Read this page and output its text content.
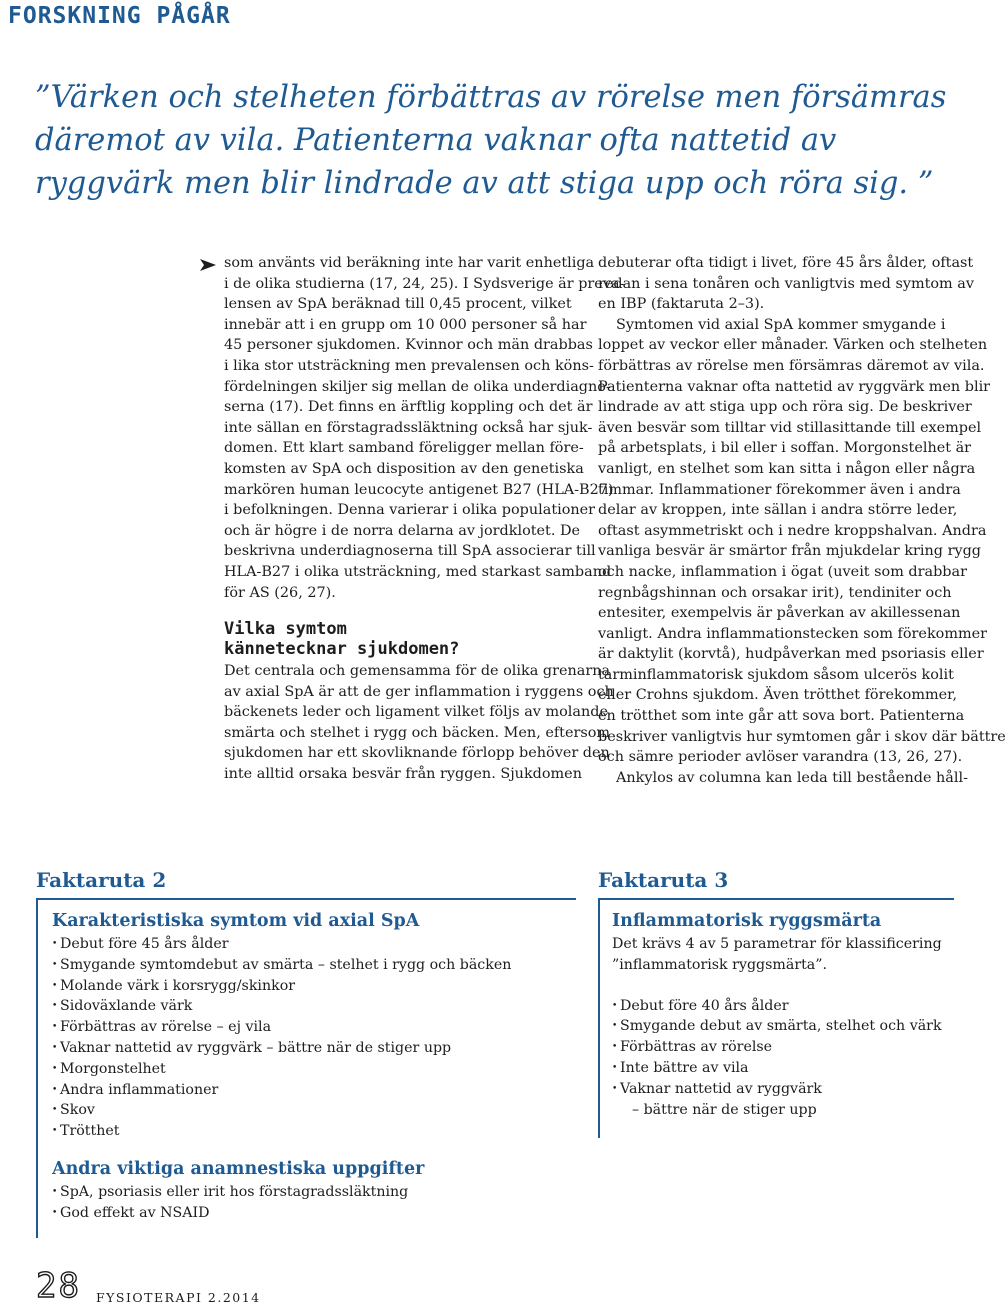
FORSKNING PÅGÅR
”Värken och stelheten förbättras av rörelse men försämras
däremot av vila. Patienterna vaknar ofta nattetid av
ryggvärk men blir lindrade av att stiga upp och röra sig. ”
som använts vid beräkning inte har varit enhetliga
i de olika studierna (17, 24, 25). I Sydsverige är preva-
lensen av SpA beräknad till 0,45 procent, vilket
innebär att i en grupp om 10 000 personer så har
45 personer sjukdomen. Kvinnor och män drabbas
i lika stor utsträckning men prevalensen och köns-
fördelningen skiljer sig mellan de olika underdiagno-
serna (17). Det finns en ärftlig koppling och det är
inte sällan en förstagradssläktning också har sjuk-
domen. Ett klart samband föreligger mellan före-
komsten av SpA och disposition av den genetiska
markören human leucocyte antigenet B27 (HLA-B27)
i befolkningen. Denna varierar i olika populationer
och är högre i de norra delarna av jordklotet. De
beskrivna underdiagnoserna till SpA associerar till
HLA-B27 i olika utsträckning, med starkast samband
för AS (26, 27).
Vilka symtom
kännetecknar sjukdomen?
Det centrala och gemensamma för de olika grenarna
av axial SpA är att de ger inflammation i ryggens och
bäckenets leder och ligament vilket följs av molande
smärta och stelhet i rygg och bäcken. Men, eftersom
sjukdomen har ett skovliknande förlopp behöver den
inte alltid orsaka besvär från ryggen. Sjukdomen
debuterar ofta tidigt i livet, före 45 års ålder, oftast
redan i sena tonåren och vanligtvis med symtom av
en IBP (faktaruta 2–3).
Symtomen vid axial SpA kommer smygande i
loppet av veckor eller månader. Värken och stelheten
förbättras av rörelse men försämras däremot av vila.
Patienterna vaknar ofta nattetid av ryggvärk men blir
lindrade av att stiga upp och röra sig. De beskriver
även besvär som tilltar vid stillasittande till exempel
på arbetsplats, i bil eller i soffan. Morgonstelhet är
vanligt, en stelhet som kan sitta i någon eller några
timmar. Inflammationer förekommer även i andra
delar av kroppen, inte sällan i andra större leder,
oftast asymmetriskt och i nedre kroppshalvan. Andra
vanliga besvär är smärtor från mjukdelar kring rygg
och nacke, inflammation i ögat (uveit som drabbar
regnbågshinnan och orsakar irit), tendiniter och
entesiter, exempelvis är påverkan av akillessenan
vanligt. Andra inflammationstecken som förekommer
är daktylit (korvtå), hudpåverkan med psoriasis eller
tarminflammatorisk sjukdom såsom ulcerös kolit
eller Crohns sjukdom. Även trötthet förekommer,
en trötthet som inte går att sova bort. Patienterna
beskriver vanligtvis hur symtomen går i skov där bättre
och sämre perioder avlöser varandra (13, 26, 27).
Ankylos av columna kan leda till bestående håll-
Faktaruta 2
Karakteristiska symtom vid axial SpA
• Debut före 45 års ålder
• Smygande symtomdebut av smärta – stelhet i rygg och bäcken
• Molande värk i korsrygg/skinkor
• Sidoväxlande värk
• Förbättras av rörelse – ej vila
• Vaknar nattetid av ryggvärk – bättre när de stiger upp
• Morgonstelhet
• Andra inflammationer
• Skov
• Trötthet
Andra viktiga anamnestiska uppgifter
• SpA, psoriasis eller irit hos förstagradssläktning
• God effekt av NSAID
Faktaruta 3
Inflammatorisk ryggsmärta
Det krävs 4 av 5 parametrar för klassificering
”inflammatorisk ryggsmärta”.
• Debut före 40 års ålder
• Smygande debut av smärta, stelhet och värk
• Förbättras av rörelse
• Inte bättre av vila
• Vaknar nattetid av ryggvärk
– bättre när de stiger upp
28 FYSIOTERAPI 2.2014
